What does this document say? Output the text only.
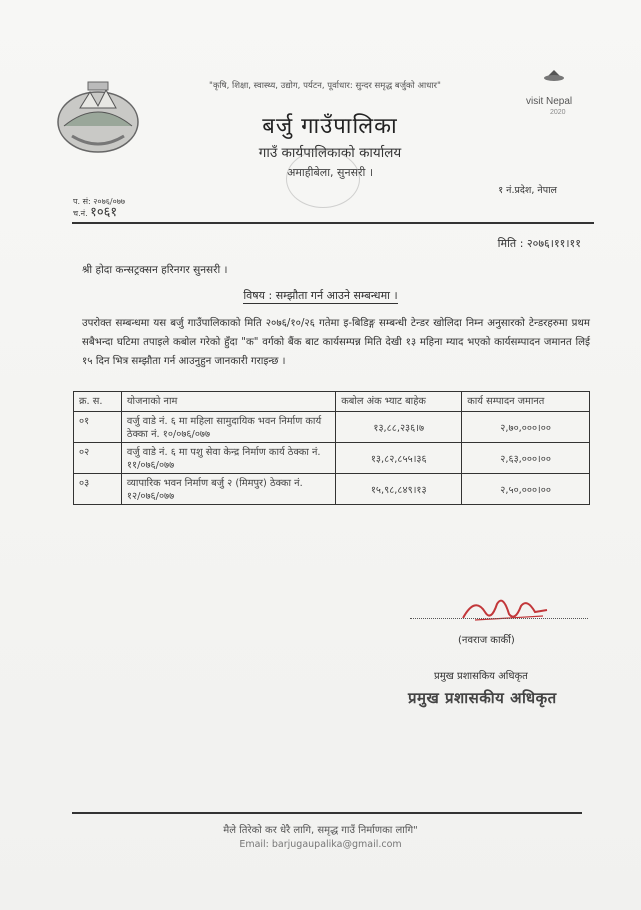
"कृषि, शिक्षा, स्वास्थ्य, उद्योग, पर्यटन, पूर्वाधार: सुन्दर समृद्ध बर्जुको आधार"
visit Nepal
2020
बर्जु गाउँपालिका
गाउँ कार्यपालिकाको कार्यालय
अमाहीबेला, सुनसरी ।
१ नं.प्रदेश, नेपाल
प. सं: २०७६/०७७
च.नं. १०६१
मिति : २०७६।११।११
श्री होदा कन्सट्रक्सन हरिनगर सुनसरी ।
विषय : सम्झौता गर्न आउने सम्बन्धमा ।
उपरोक्त सम्बन्धमा यस बर्जु गाउँपालिकाको मिति २०७६/१०/२६ गतेमा इ-बिडिङ्ग सम्बन्धी टेन्डर खोलिदा निम्न अनुसारको टेन्डरहरुमा प्रथम सबैभन्दा घटिमा तपाइले कबोल गरेको हुँदा "क" वर्गको बैंक बाट कार्यसम्पन्न मिति देखी १३ महिना म्याद भएको कार्यसम्पादन जमानत लिई १५ दिन भित्र सम्झौता गर्न आउनुहुन जानकारी गराइन्छ ।
क्र. स.	योजनाको नाम	कबोल अंक भ्याट बाहेक	कार्य सम्पादन जमानत
०१	वर्जु वाडे नं. ६ मा महिला सामुदायिक भवन निर्माण कार्य ठेक्का नं. १०/०७६/०७७	१३,८८,२३६।७	२,७०,०००।००
०२	वर्जु वाडे नं. ६ मा पशु सेवा केन्द्र निर्माण कार्य ठेक्का नं. ११/०७६/०७७	१३,८२,८५५।३६	२,६३,०००।००
०३	व्यापारिक भवन निर्माण बर्जु २ (मिमपुर) ठेक्का नं. १२/०७६/०७७	१५,९८,८४९।१३	२,५०,०००।००
(नवराज कार्की)
प्रमुख प्रशासकिय अधिकृत
प्रमुख प्रशासकीय अधिकृत
मैले तिरेको कर धेरै लागि, समृद्ध गाउँ निर्माणका लागि"
Email: barjugaupalika@gmail.com
